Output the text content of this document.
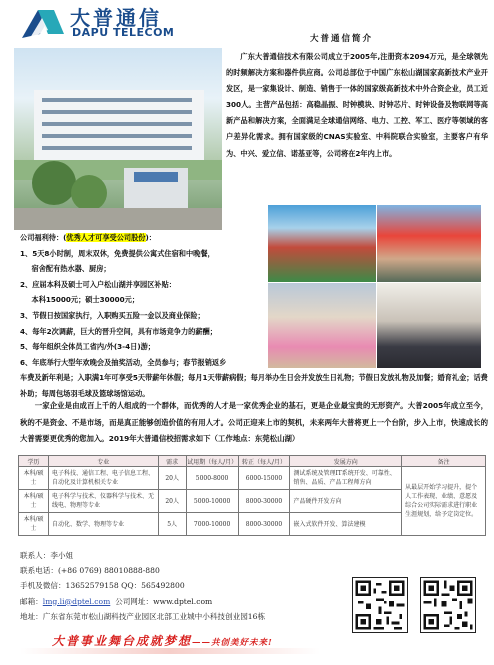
大普通信
DAPU TELECOM	大普通信简介
广东大普通信技术有限公司成立于2005年,注册资本2094万元，是全球领先的时频解决方案和器件供应商。公司总部位于中国广东松山湖国家高新技术产业开发区，是一家集设计、制造、销售于一体的国家级高新技术中外合资企业，员工近300人。主营产品包括：高稳晶振、时钟模块、时钟芯片、时钟设备及物联网等高新产品和解决方案，全面满足全球通信网络、电力、工控、军工、医疗等领域的客户差异化需求。拥有国家级的CNAS实验室、中科院联合实验室，主要客户有华为、中兴、爱立信、诺基亚等，公司将在2年内上市。
公司福利待：(优秀人才可享受公司股份)：
1、5天8小时制，周末双休，免费提供公寓式住宿和中晚餐，
宿舍配有热水器、厨房；
2、应届本科及硕士可入户松山湖并享园区补贴：
本科15000元；硕士30000元；
3、节假日按国家执行，入职购买五险一金以及商业保险；
4、每年2次调薪，巨大的晋升空间，具有市场竞争力的薪酬；
5、每年组织全体员工省内/外(3-4日)游；
6、年底举行大型年欢晚会及抽奖活动，全员参与；春节报销返乡
车费及新年利是；入职满1年可享受5天带薪年休假；每月1天带薪病假；每月举办生日会并发放生日礼物；节假日发放礼物及加餐；婚育礼金；话费补助；每周包场羽毛球及篮球场馆运动。
一家企业是由成百上千的人组成的一个群体，而优秀的人才是一家优秀企业的基石，更是企业最宝贵的无形资产。大普2005年成立至今，秋的不是资金、不是市场，而是真正能够创造价值的有用人才。公司正迎来上市的契机，未来两年大普将更上一个台阶，步入上市，快速成长的大普需要更优秀的您加入。2019年大普通信校招需求如下（工作地点：东莞松山湖）
学历	专业	需求	试用期（每人/月）	转正（每人/月）	发展方向	备注
本科/硕士	电子科技、通信工程、电子信息工程、自动化及计算机相关专业	20人	5000-8000	6000-15000	测试系统及管理IT系统开发、可靠性、销售、品质、产品工程师方向	从最层开始学习提升，提个人工作表现、业绩、意愿及综合公司实际需求进行职业生涯规划，给予定岗定位。
本科/硕士	电子科学与技术、仪器科学与技术、无线电、物理等专业	20人	5000-10000	8000-30000	产品硬件开发方向	
本科/硕士	自动化、数学、物理等专业	5人	7000-10000	8000-30000	嵌入式软件开发、算法建模	
联系人：李小姐
联系电话：(+86 0769) 88010888-880
手机及微信：13652579158 QQ：565492800
邮箱：lmg.li@dptel.com 公司网址：www.dptel.com
地址：广东省东莞市松山湖科技产业园区北部工业城中小科技创业园16栋
大普事业舞台成就梦想——共创美好未来!
